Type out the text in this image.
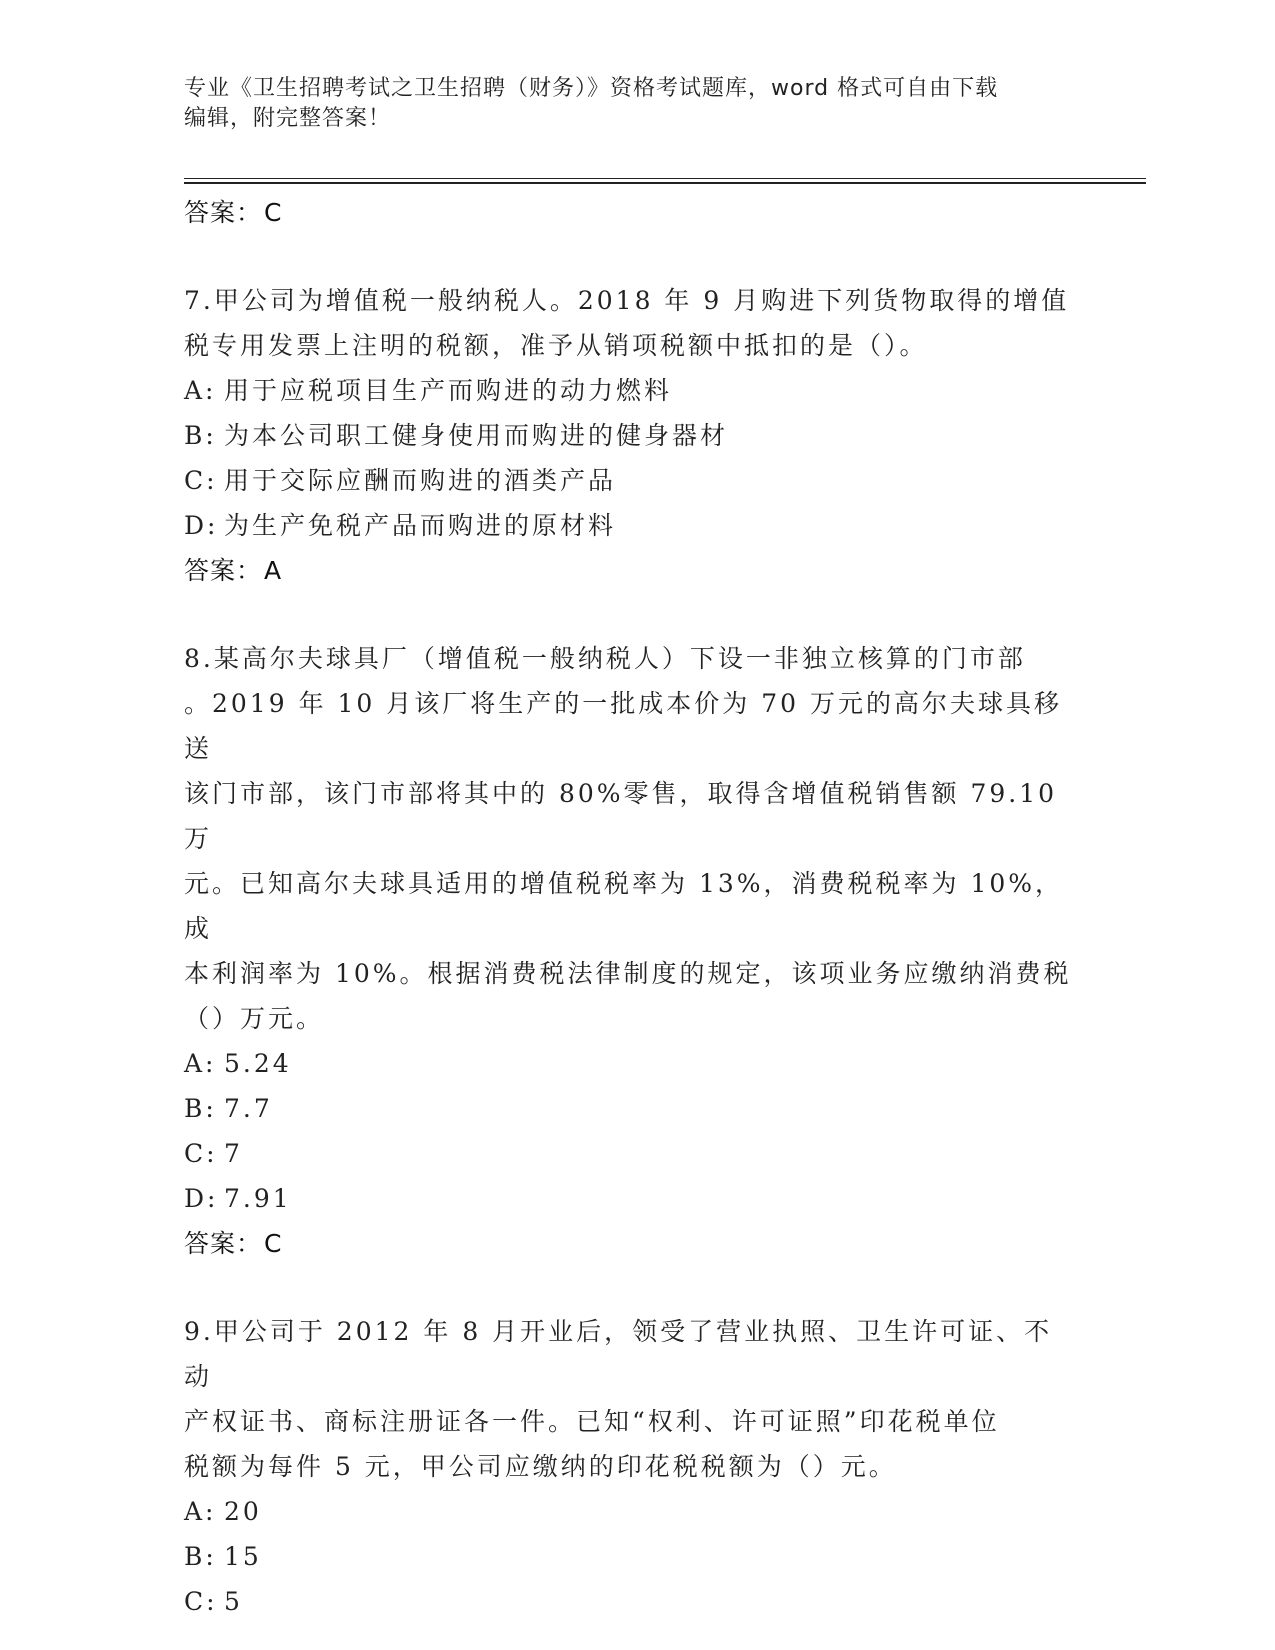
专业《卫生招聘考试之卫生招聘（财务）》资格考试题库，word 格式可自由下载
编辑，附完整答案！
答案：C
7.甲公司为增值税一般纳税人。2018 年 9 月购进下列货物取得的增值
税专用发票上注明的税额，准予从销项税额中抵扣的是（）。
A: 用于应税项目生产而购进的动力燃料
B: 为本公司职工健身使用而购进的健身器材
C: 用于交际应酬而购进的酒类产品
D: 为生产免税产品而购进的原材料
答案：A
8.某高尔夫球具厂（增值税一般纳税人）下设一非独立核算的门市部
。2019 年 10 月该厂将生产的一批成本价为 70 万元的高尔夫球具移送
该门市部，该门市部将其中的 80%零售，取得含增值税销售额 79.10 万
元。已知高尔夫球具适用的增值税税率为 13%，消费税税率为 10%，成
本利润率为 10%。根据消费税法律制度的规定，该项业务应缴纳消费税
（）万元。
A: 5.24
B: 7.7
C: 7
D: 7.91
答案：C
9.甲公司于 2012 年 8 月开业后，领受了营业执照、卫生许可证、不动
产权证书、商标注册证各一件。已知“权利、许可证照”印花税单位
税额为每件 5 元，甲公司应缴纳的印花税税额为（）元。
A: 20
B: 15
C: 5
